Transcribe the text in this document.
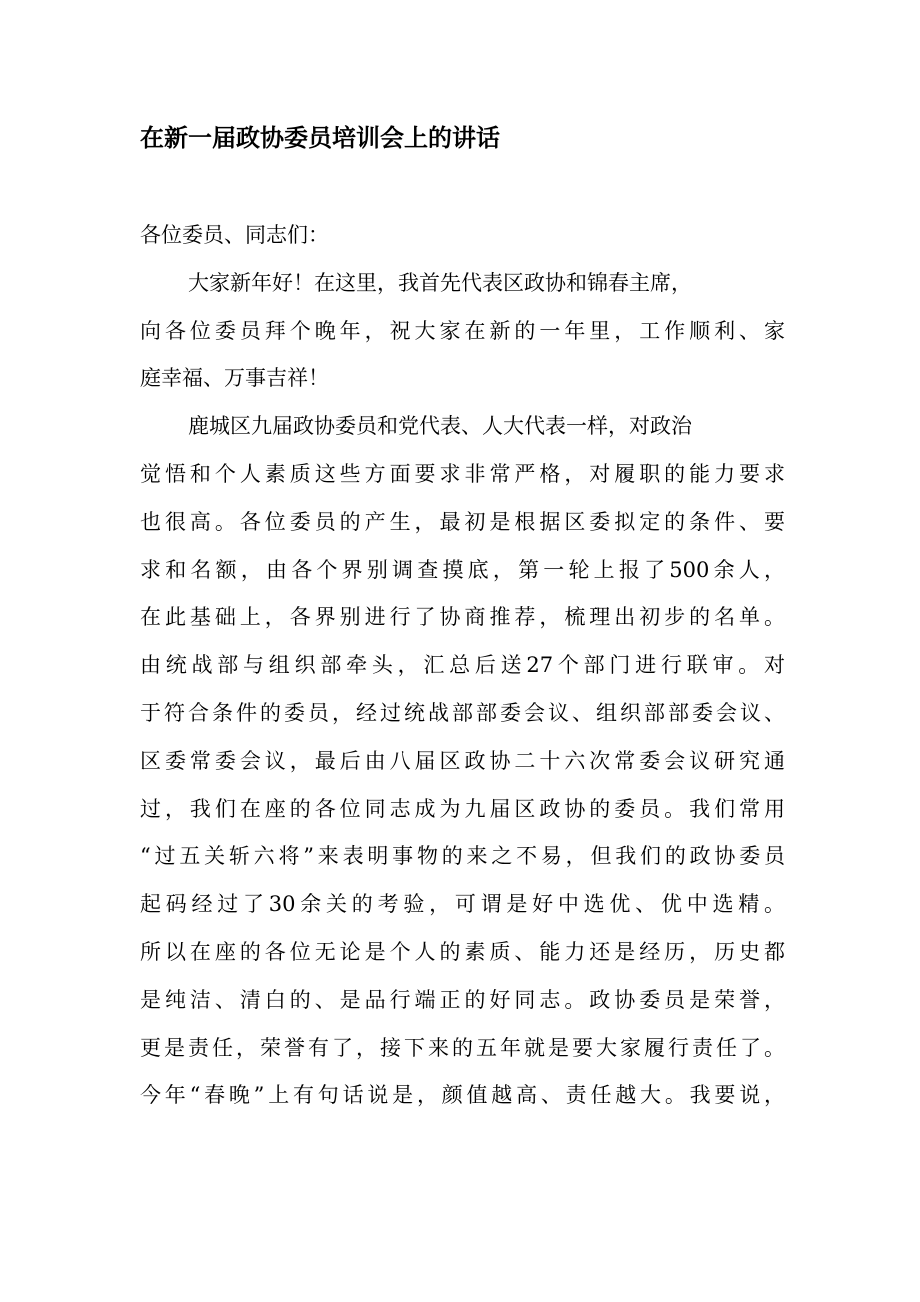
在新一届政协委员培训会上的讲话
各位委员、同志们：
大家新年好！在这里，我首先代表区政协和锦春主席，
向各位委员拜个晚年，祝大家在新的一年里，工作顺利、家
庭幸福、万事吉祥！
鹿城区九届政协委员和党代表、人大代表一样，对政治
觉悟和个人素质这些方面要求非常严格，对履职的能力要求
也很高。各位委员的产生，最初是根据区委拟定的条件、要
求和名额，由各个界别调查摸底，第一轮上报了500余人，
在此基础上，各界别进行了协商推荐，梳理出初步的名单。
由统战部与组织部牵头，汇总后送27个部门进行联审。对
于符合条件的委员，经过统战部部委会议、组织部部委会议、
区委常委会议，最后由八届区政协二十六次常委会议研究通
过，我们在座的各位同志成为九届区政协的委员。我们常用
“过五关斩六将”来表明事物的来之不易，但我们的政协委员
起码经过了30余关的考验，可谓是好中选优、优中选精。
所以在座的各位无论是个人的素质、能力还是经历，历史都
是纯洁、清白的、是品行端正的好同志。政协委员是荣誉，
更是责任，荣誉有了，接下来的五年就是要大家履行责任了。
今年“春晚”上有句话说是，颜值越高、责任越大。我要说，
